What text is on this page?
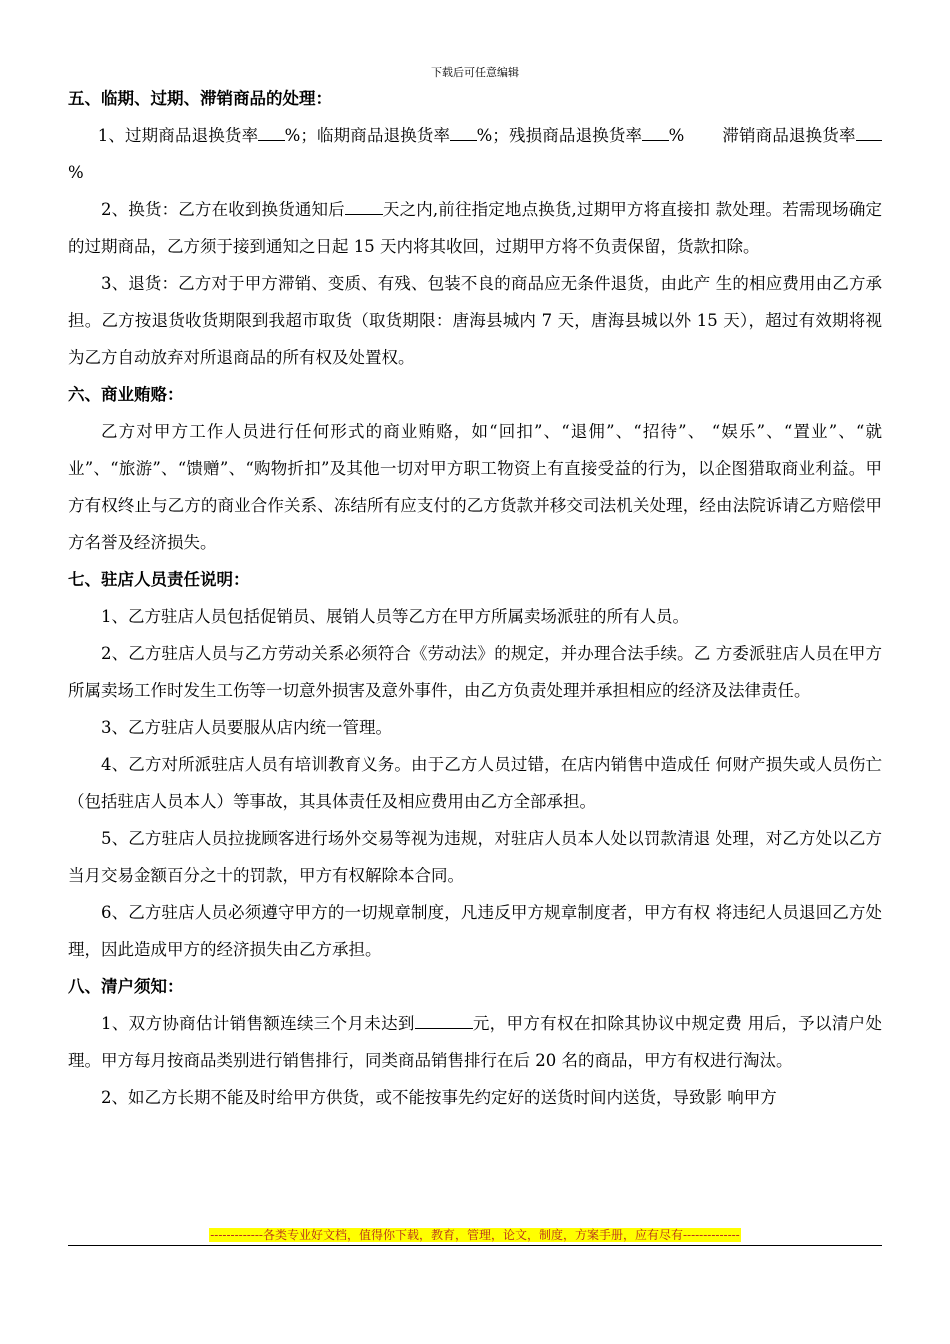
下载后可任意编辑
五、临期、过期、滞销商品的处理：
1、过期商品退换货率 %；临期商品退换货率 %；残损商品退换货率 % 滞销商品退换货率%
2、换货：乙方在收到换货通知后 天之内,前往指定地点换货,过期甲方将直接扣 款处理。若需现场确定的过期商品，乙方须于接到通知之日起 15 天内将其收回，过期甲方将不负责保留，货款扣除。
3、退货：乙方对于甲方滞销、变质、有残、包装不良的商品应无条件退货，由此产 生的相应费用由乙方承担。乙方按退货收货期限到我超市取货（取货期限：唐海县城内 7 天，唐海县城以外 15 天），超过有效期将视为乙方自动放弃对所退商品的所有权及处置权。
六、商业贿赂：
乙方对甲方工作人员进行任何形式的商业贿赂，如“回扣”、“退佣”、“招待”、 “娱乐”、“置业”、“就业”、“旅游”、“馈赠”、“购物折扣”及其他一切对甲方职工物资上有直接受益的行为，以企图猎取商业利益。甲方有权终止与乙方的商业合作关系、冻结所有应支付的乙方货款并移交司法机关处理，经由法院诉请乙方赔偿甲方名誉及经济损失。
七、驻店人员责任说明：
1、乙方驻店人员包括促销员、展销人员等乙方在甲方所属卖场派驻的所有人员。
2、乙方驻店人员与乙方劳动关系必须符合《劳动法》的规定，并办理合法手续。乙 方委派驻店人员在甲方所属卖场工作时发生工伤等一切意外损害及意外事件，由乙方负责处理并承担相应的经济及法律责任。
3、乙方驻店人员要服从店内统一管理。
4、乙方对所派驻店人员有培训教育义务。由于乙方人员过错，在店内销售中造成任 何财产损失或人员伤亡（包括驻店人员本人）等事故，其具体责任及相应费用由乙方全部承担。
5、乙方驻店人员拉拢顾客进行场外交易等视为违规，对驻店人员本人处以罚款清退 处理，对乙方处以乙方当月交易金额百分之十的罚款，甲方有权解除本合同。
6、乙方驻店人员必须遵守甲方的一切规章制度，凡违反甲方规章制度者，甲方有权 将违纪人员退回乙方处理，因此造成甲方的经济损失由乙方承担。
八、清户须知：
1、双方协商估计销售额连续三个月未达到	元，甲方有权在扣除其协议中规定费 用后，予以清户处理。甲方每月按商品类别进行销售排行，同类商品销售排行在后 20 名的商品，甲方有权进行淘汰。
2、如乙方长期不能及时给甲方供货，或不能按事先约定好的送货时间内送货，导致影 响甲方
-------------各类专业好文档，值得你下载，教育，管理，论文，制度，方案手册，应有尽有--------------
